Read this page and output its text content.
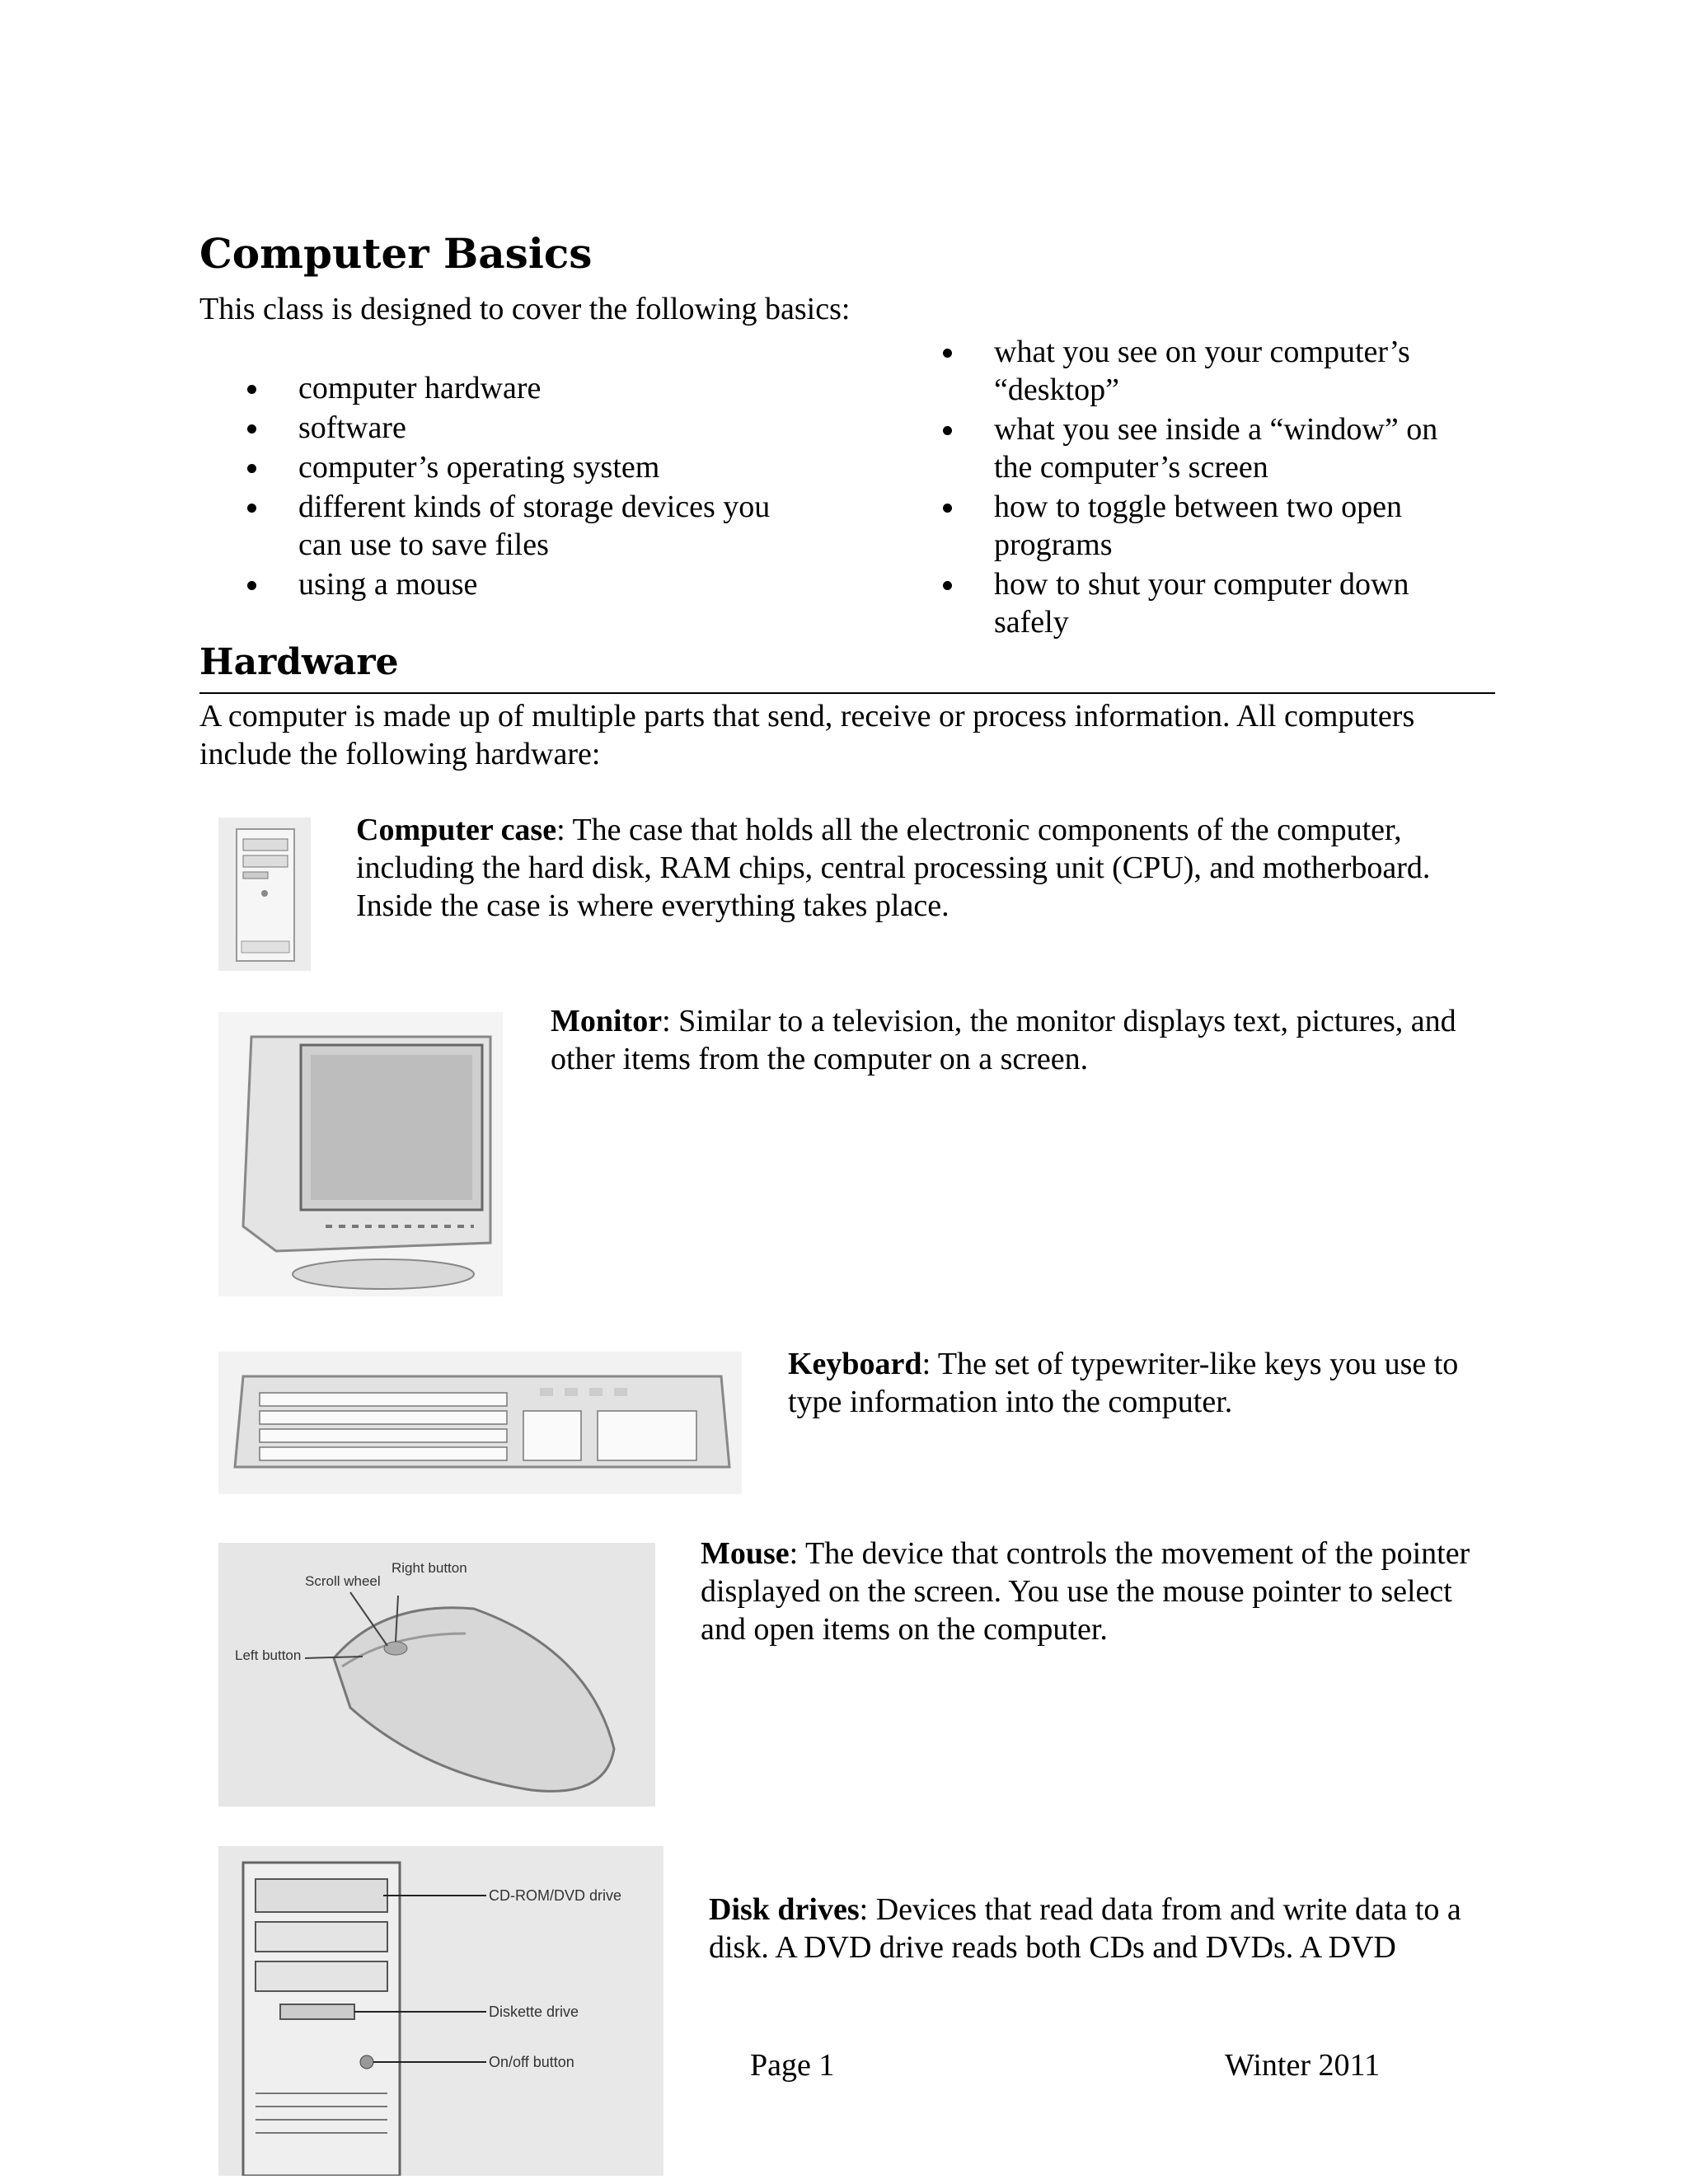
Computer Basics
This class is designed to cover the following basics:
computer hardware
software
computer’s operating system
different kinds of storage devices you can use to save files
using a mouse
what you see on your computer’s “desktop”
what you see inside a “window” on the computer’s screen
how to toggle between two open programs
how to shut your computer down safely
Hardware
A computer is made up of multiple parts that send, receive or process information. All computers include the following hardware:
Computer case: The case that holds all the electronic components of the computer, including the hard disk, RAM chips, central processing unit (CPU), and motherboard. Inside the case is where everything takes place.
Monitor: Similar to a television, the monitor displays text, pictures, and other items from the computer on a screen.
Keyboard: The set of typewriter-like keys you use to type information into the computer.
Right button
Scroll wheel
Left button
Mouse: The device that controls the movement of the pointer displayed on the screen. You use the mouse pointer to select and open items on the computer.
CD-ROM/DVD drive
Diskette drive
On/off button
Disk drives: Devices that read data from and write data to a disk. A DVD drive reads both CDs and DVDs. A DVD
Page 1	Winter 2011
